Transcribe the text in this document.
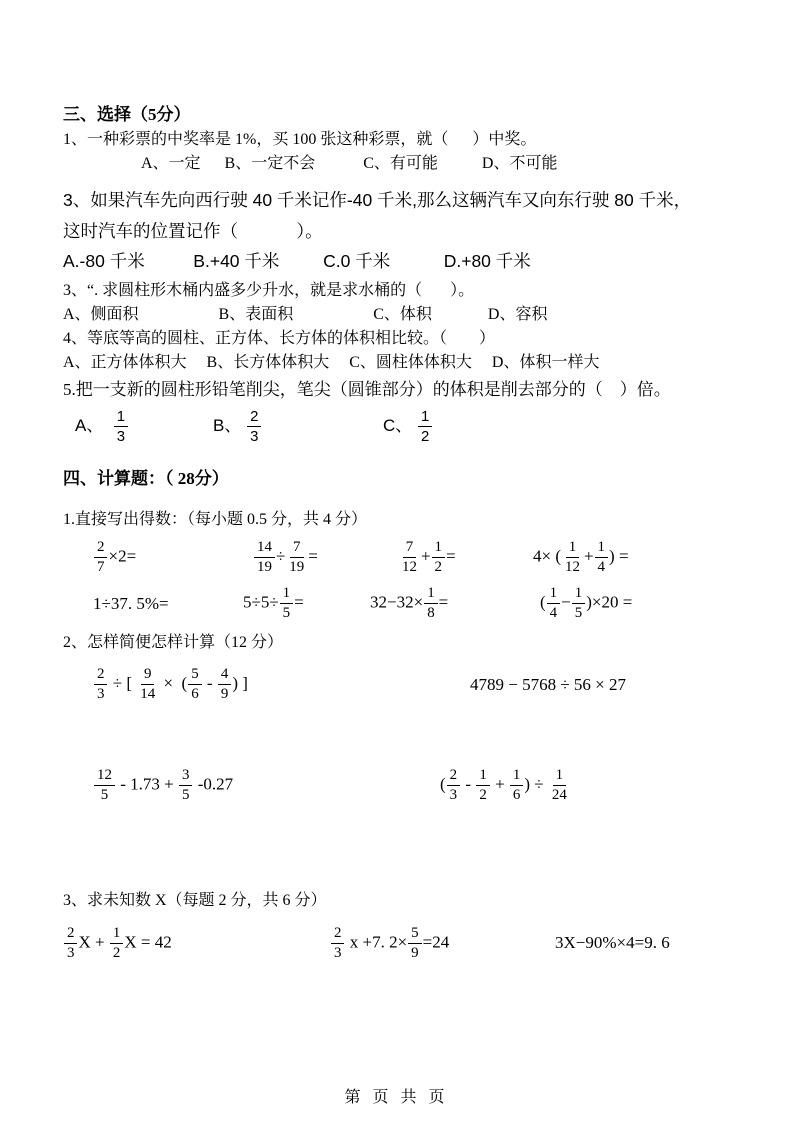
三、选择（5分）
1、一种彩票的中奖率是 1%，买 100 张这种彩票，就（      ）中奖。
A、一定      B、一定不会            C、有可能           D、不可能
3、如果汽车先向西行驶 40 千米记作-40 千米,那么这辆汽车又向东行驶 80 千米，
这时汽车的位置记作（            ）。
A.-80 千米          B.+40 千米         C.0 千米           D.+80 千米
3、“. 求圆柱形木桶内盛多少升水，就是求水桶的（       ）。
A、侧面积                    B、表面积                    C、体积              D、容积
4、等底等高的圆柱、正方体、长方体的体积相比较。（        ）
A、正方体体积大     B、长方体体积大     C、圆柱体体积大     D、体积一样大
5.把一支新的圆柱形铅笔削尖，笔尖（圆锥部分）的体积是削去部分的（    ）倍。
A、 $\frac{1}{3}$	B、 $\frac{2}{3}$	C、 $\frac{1}{2}$
四、计算题：（ 28分）
1.直接写出得数：（每小题 0.5 分，共 4 分）
$\frac{2}{7} \times 2=$	$\frac{14}{19} \div \frac{7}{19}$ =	$\frac{7}{12} + \frac{1}{2}$ =	4× ( $\frac{1}{12} + \frac{1}{4}$ ) =
1÷37. 5%=	$5\div 5\div \frac{1}{5}$ =	$32-32\times \frac{1}{8}$ =	( $\frac{1}{4} - \frac{1}{5} )\times 20$ =
2、怎样简便怎样计算（12 分）
$\frac{2}{3}$ ÷ [ $\frac{9}{14}$ ×  ( $\frac{5}{6} - \frac{4}{9}$ ) ]	4789 − 5768 ÷ 56 × 27
$\frac{12}{5} - 1.73 + \frac{3}{5} -0.27$	( $\frac{2}{3} - \frac{1}{2} + \frac{1}{6}$ ) ÷ $\frac{1}{24}$
3、求未知数 X（每题 2 分，共 6 分）
$\frac{2}{3}$ $X + \frac{1}{2}$ X = 42	$\frac{2}{3}$ x +7. $2\times \frac{5}{9} =24$	3X−90%×4=9. 6
第 页 共 页
